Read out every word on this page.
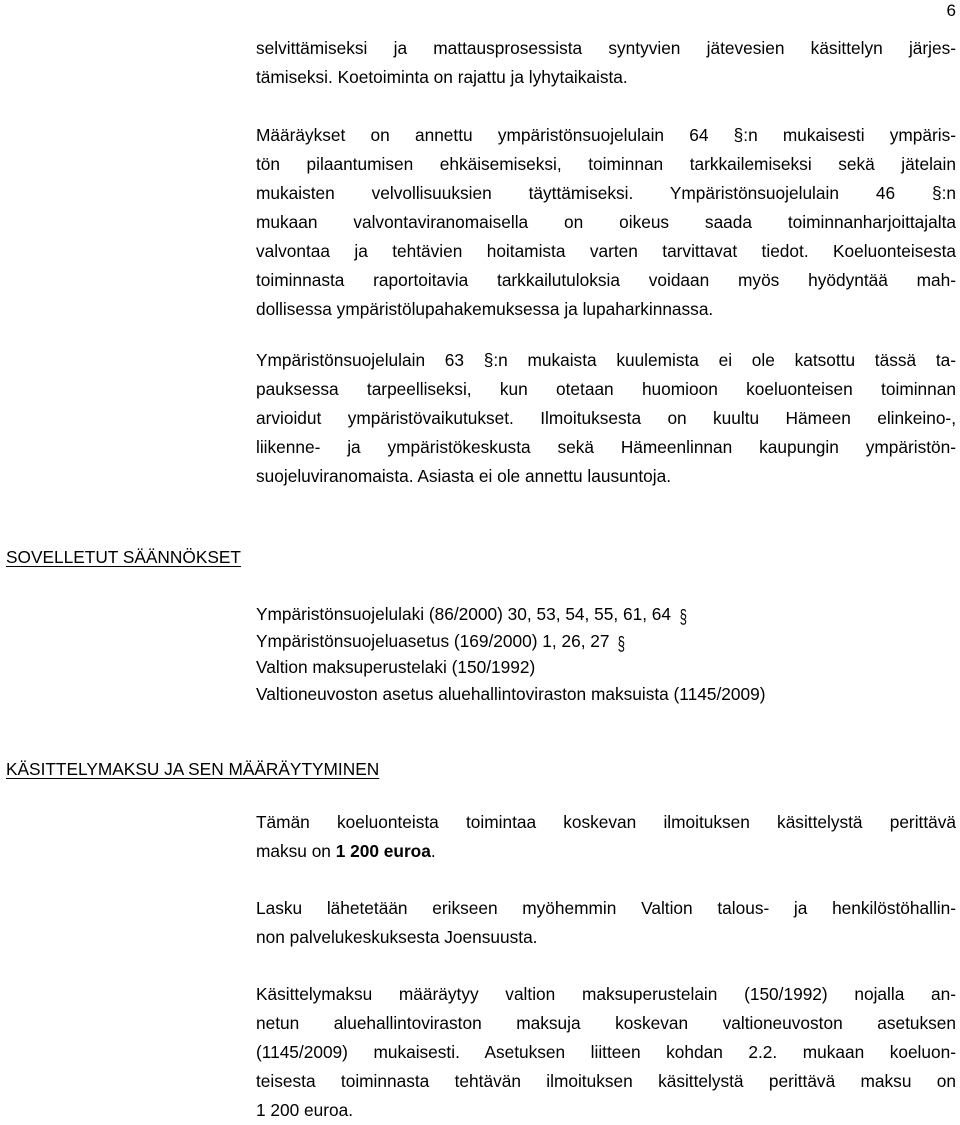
6

selvittämiseksi ja mattausprosessista syntyvien jätevesien käsittelyn järjes-
tämiseksi. Koetoiminta on rajattu ja lyhytaikaista.

Määräykset on annettu ympäristönsuojelulain 64 §:n mukaisesti ympäris-
tön pilaantumisen ehkäisemiseksi, toiminnan tarkkailemiseksi sekä jätelain
mukaisten velvollisuuksien täyttämiseksi. Ympäristönsuojelulain 46 §:n
mukaan valvontaviranomaisella on oikeus saada toiminnanharjoittajalta
valvontaa ja tehtävien hoitamista varten tarvittavat tiedot. Koeluonteisesta
toiminnasta raportoitavia tarkkailutuloksia voidaan myös hyödyntää mah-
dollisessa ympäristölupahakemuksessa ja lupaharkinnassa.

Ympäristönsuojelulain 63 §:n mukaista kuulemista ei ole katsottu tässä ta-
pauksessa tarpeelliseksi, kun otetaan huomioon koeluonteisen toiminnan
arvioidut ympäristövaikutukset. Ilmoituksesta on kuultu Hämeen elinkeino-,
liikenne- ja ympäristökeskusta sekä Hämeenlinnan kaupungin ympäristön-
suojeluviranomaista. Asiasta ei ole annettu lausuntoja.

SOVELLETUT SÄÄNNÖKSET
Ympäristönsuojelulaki (86/2000) 30, 53, 54, 55, 61, 64 §
Ympäristönsuojeluasetus (169/2000) 1, 26, 27 §
Valtion maksuperustelaki (150/1992)
Valtioneuvoston asetus aluehallintoviraston maksuista (1145/2009)
KÄSITTELYMAKSU JA SEN MÄÄRÄYTYMINEN

Tämän koeluonteista toimintaa koskevan ilmoituksen käsittelystä perittävä
maksu on 1 200 euroa.

Lasku lähetetään erikseen myöhemmin Valtion talous- ja henkilöstöhallin-
non palvelukeskuksesta Joensuusta.

Käsittelymaksu määräytyy valtion maksuperustelain (150/1992) nojalla an-
netun aluehallintoviraston maksuja koskevan valtioneuvoston asetuksen
(1145/2009) mukaisesti. Asetuksen liitteen kohdan 2.2. mukaan koeluon-
teisesta toiminnasta tehtävän ilmoituksen käsittelystä perittävä maksu on
1 200 euroa.
